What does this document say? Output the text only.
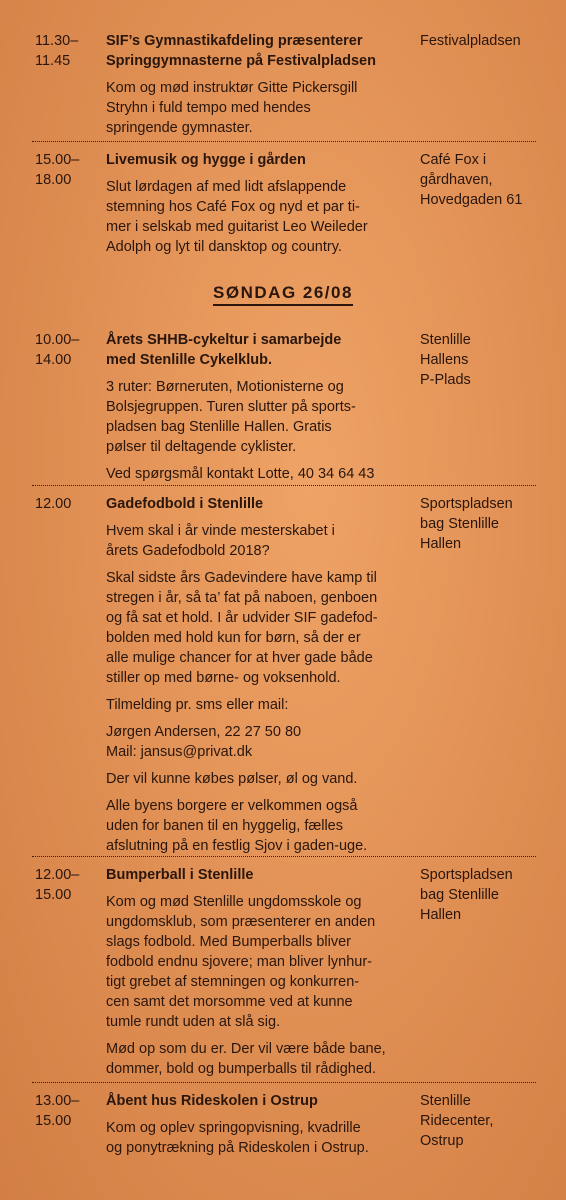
11.30–
11.45
SIF’s Gymnastikafdeling præsenterer
Springgymnasterne på Festivalpladsen
Kom og mød instruktør Gitte Pickersgill
Stryhn i fuld tempo med hendes
springende gymnaster.
Festivalpladsen
15.00–
18.00
Livemusik og hygge i gården
Slut lørdagen af med lidt afslappende
stemning hos Café Fox og nyd et par ti-
mer i selskab med guitarist Leo Weileder
Adolph og lyt til dansktop og country.
Café Fox i
gårdhaven,
Hovedgaden 61
SØNDAG 26/08
10.00–
14.00
Årets SHHB-cykeltur i samarbejde
med Stenlille Cykelklub.
3 ruter: Børneruten, Motionisterne og
Bolsjegruppen. Turen slutter på sports-
pladsen bag Stenlille Hallen. Gratis
pølser til deltagende cyklister.
Ved spørgsmål kontakt Lotte, 40 34 64 43
Stenlille
Hallens
P-Plads
12.00	Gadefodbold i Stenlille
Hvem skal i år vinde mesterskabet i
årets Gadefodbold 2018?
Skal sidste års Gadevindere have kamp til
stregen i år, så ta’ fat på naboen, genboen
og få sat et hold. I år udvider SIF gadefod-
bolden med hold kun for børn, så der er
alle mulige chancer for at hver gade både
stiller op med børne- og voksenhold.
Tilmelding pr. sms eller mail:
Jørgen Andersen, 22 27 50 80
Mail: jansus@privat.dk
Der vil kunne købes pølser, øl og vand.
Alle byens borgere er velkommen også
uden for banen til en hyggelig, fælles
afslutning på en festlig Sjov i gaden-uge.
Sportspladsen
bag Stenlille
Hallen
12.00–
15.00
Bumperball i Stenlille
Kom og mød Stenlille ungdomsskole og
ungdomsklub, som præsenterer en anden
slags fodbold. Med Bumperballs bliver
fodbold endnu sjovere; man bliver lynhur-
tigt grebet af stemningen og konkurren-
cen samt det morsomme ved at kunne
tumle rundt uden at slå sig.
Mød op som du er. Der vil være både bane,
dommer, bold og bumperballs til rådighed.
Sportspladsen
bag Stenlille
Hallen
13.00–
15.00
Åbent hus Rideskolen i Ostrup
Kom og oplev springopvisning, kvadrille
og ponytrækning på Rideskolen i Ostrup.
Stenlille
Ridecenter,
Ostrup
